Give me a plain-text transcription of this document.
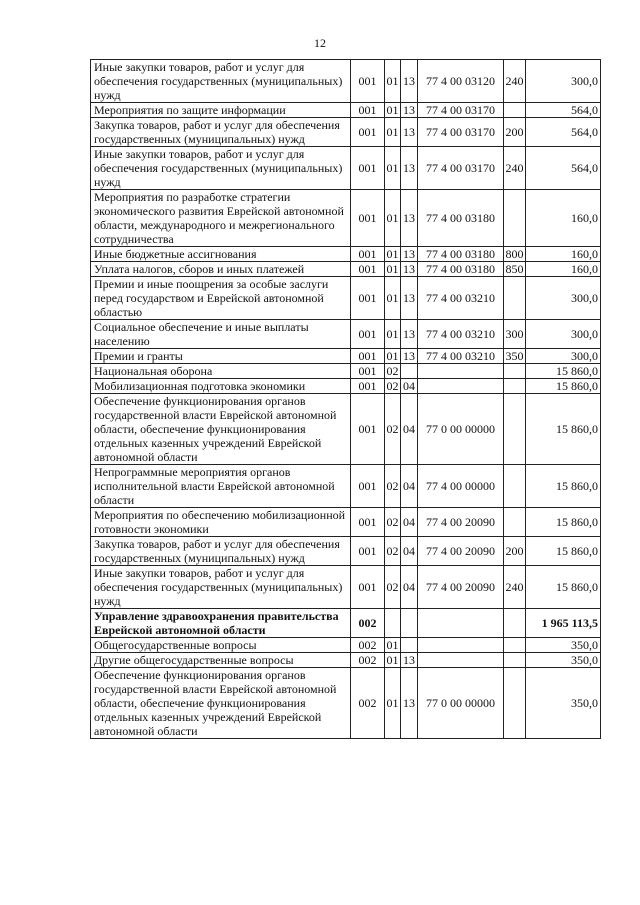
12
Иные закупки товаров, работ и услуг для обеспечения государственных (муниципальных) нужд	001	01	13	77 4 00 03120	240	300,0
Мероприятия по защите информации	001	01	13	77 4 00 03170		564,0
Закупка товаров, работ и услуг для обеспечения государственных (муниципальных) нужд	001	01	13	77 4 00 03170	200	564,0
Иные закупки товаров, работ и услуг для обеспечения государственных (муниципальных) нужд	001	01	13	77 4 00 03170	240	564,0
Мероприятия по разработке стратегии экономического развития Еврейской автономной области, международного и межрегионального сотрудничества	001	01	13	77 4 00 03180		160,0
Иные бюджетные ассигнования	001	01	13	77 4 00 03180	800	160,0
Уплата налогов, сборов и иных платежей	001	01	13	77 4 00 03180	850	160,0
Премии и иные поощрения за особые заслуги перед государством и Еврейской автономной областью	001	01	13	77 4 00 03210		300,0
Социальное обеспечение и иные выплаты населению	001	01	13	77 4 00 03210	300	300,0
Премии и гранты	001	01	13	77 4 00 03210	350	300,0
Национальная оборона	001	02				15 860,0
Мобилизационная подготовка экономики	001	02	04			15 860,0
Обеспечение функционирования органов государственной власти Еврейской автономной области, обеспечение функционирования отдельных казенных учреждений Еврейской автономной области	001	02	04	77 0 00 00000		15 860,0
Непрограммные мероприятия органов исполнительной власти Еврейской автономной области	001	02	04	77 4 00 00000		15 860,0
Мероприятия по обеспечению мобилизационной готовности экономики	001	02	04	77 4 00 20090		15 860,0
Закупка товаров, работ и услуг для обеспечения государственных (муниципальных) нужд	001	02	04	77 4 00 20090	200	15 860,0
Иные закупки товаров, работ и услуг для обеспечения государственных (муниципальных) нужд	001	02	04	77 4 00 20090	240	15 860,0
Управление здравоохранения правительства Еврейской автономной области	002					1 965 113,5
Общегосударственные вопросы	002	01				350,0
Другие общегосударственные вопросы	002	01	13			350,0
Обеспечение функционирования органов государственной власти Еврейской автономной области, обеспечение функционирования отдельных казенных учреждений Еврейской автономной области	002	01	13	77 0 00 00000		350,0
